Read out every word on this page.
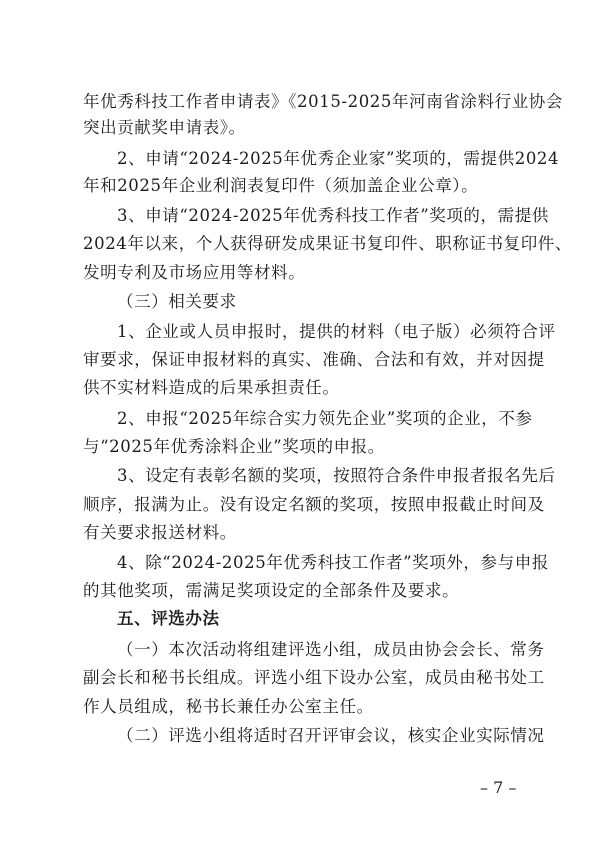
年优秀科技工作者申请表》《2015-2025年河南省涂料行业协会
突出贡献奖申请表》。
2、申请“2024-2025年优秀企业家”奖项的，需提供2024
年和2025年企业利润表复印件（须加盖企业公章）。
3、申请“2024-2025年优秀科技工作者”奖项的，需提供
2024年以来，个人获得研发成果证书复印件、职称证书复印件、
发明专利及市场应用等材料。
（三）相关要求
1、企业或人员申报时，提供的材料（电子版）必须符合评
审要求，保证申报材料的真实、准确、合法和有效，并对因提
供不实材料造成的后果承担责任。
2、申报“2025年综合实力领先企业”奖项的企业，不参
与“2025年优秀涂料企业”奖项的申报。
3、设定有表彰名额的奖项，按照符合条件申报者报名先后
顺序，报满为止。没有设定名额的奖项，按照申报截止时间及
有关要求报送材料。
4、除“2024-2025年优秀科技工作者”奖项外，参与申报
的其他奖项，需满足奖项设定的全部条件及要求。
五、评选办法
（一）本次活动将组建评选小组，成员由协会会长、常务
副会长和秘书长组成。评选小组下设办公室，成员由秘书处工
作人员组成，秘书长兼任办公室主任。
（二）评选小组将适时召开评审会议，核实企业实际情况
– 7 –
